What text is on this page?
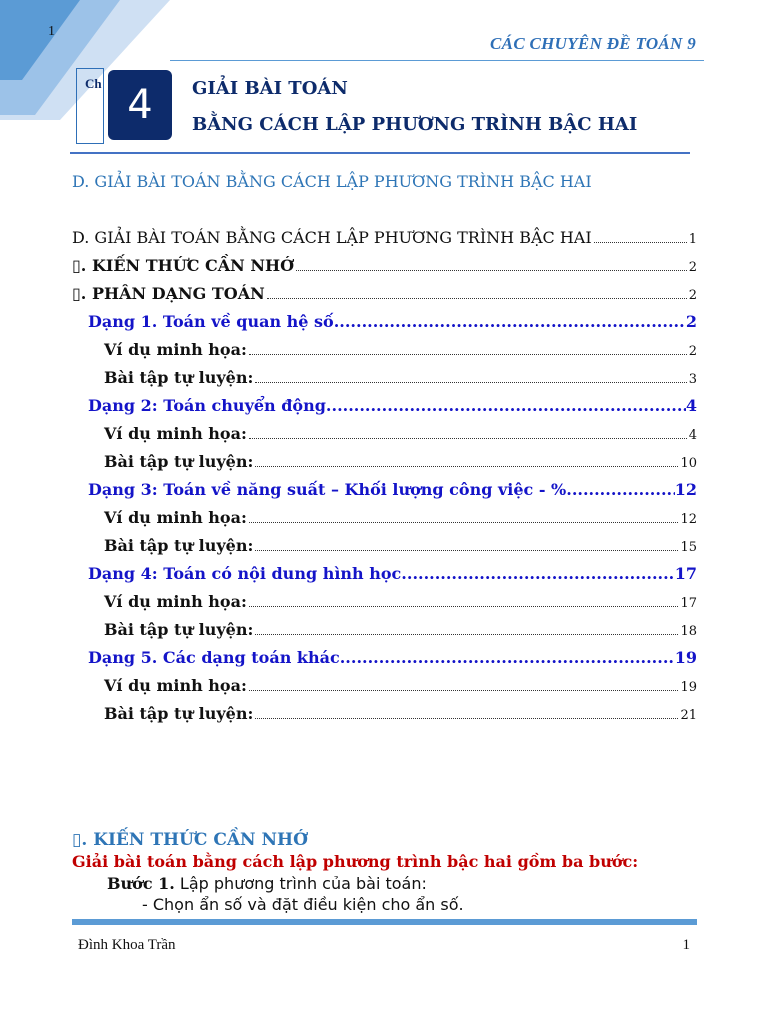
1
CÁC CHUYÊN ĐỀ TOÁN 9
Ch 4	GIẢI BÀI TOÁN
BẰNG CÁCH LẬP PHƯƠNG TRÌNH BẬC HAI
D. GIẢI BÀI TOÁN BẰNG CÁCH LẬP PHƯƠNG TRÌNH BẬC HAI
D. GIẢI BÀI TOÁN BẰNG CÁCH LẬP PHƯƠNG TRÌNH BẬC HAI	1
▯. KIẾN THỨC CẦN NHỚ	2
▯. PHÂN DẠNG TOÁN	2
Dạng 1. Toán về quan hệ số .....	2
Ví dụ minh họa:	2
Bài tập tự luyện:	3
Dạng 2: Toán chuyển động .....	4
Ví dụ minh họa:	4
Bài tập tự luyện:	10
Dạng 3: Toán về năng suất – Khối lượng công việc - % .....	12
Ví dụ minh họa:	12
Bài tập tự luyện:	15
Dạng 4: Toán có nội dung hình học .....	17
Ví dụ minh họa:	17
Bài tập tự luyện:	18
Dạng 5. Các dạng toán khác .....	19
Ví dụ minh họa:	19
Bài tập tự luyện:	21
▯. KIẾN THỨC CẦN NHỚ
Giải bài toán bằng cách lập phương trình bậc hai gồm ba bước:
Bước 1. Lập phương trình của bài toán:
- Chọn ẩn số và đặt điều kiện cho ẩn số.
Đình Khoa Trần	1
